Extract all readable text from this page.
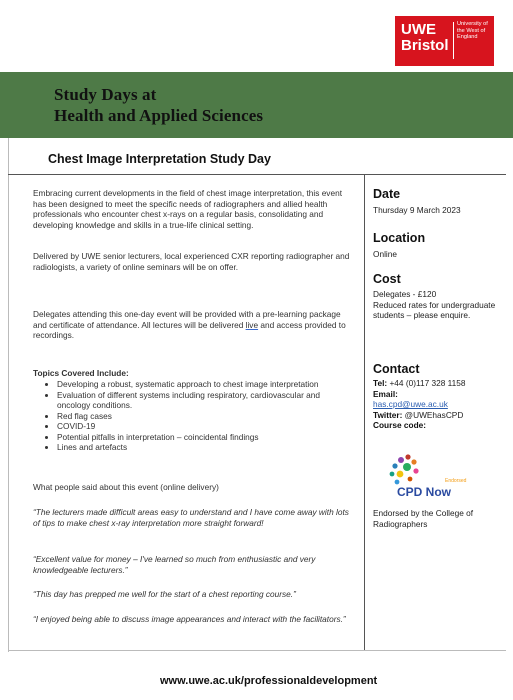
Study Days at
Health and Applied Sciences
UWE
Bristol
University of the West of England
Chest Image Interpretation Study Day
Embracing current developments in the field of chest image interpretation, this event has been designed to meet the specific needs of radiographers and allied health professionals who encounter chest x-rays on a regular basis, consolidating and developing knowledge and skills in a true-life clinical setting.
Delivered by UWE senior lecturers, local experienced CXR reporting radiographer and radiologists, a variety of online seminars will be on offer.
Delegates attending this one-day event will be provided with a pre-learning package and certificate of attendance. All lectures will be delivered live and access provided to recordings.
Topics Covered Include:
• Developing a robust, systematic approach to chest image interpretation
• Evaluation of different systems including respiratory, cardiovascular and oncology conditions.
• Red flag cases
• COVID-19
• Potential pitfalls in interpretation – coincidental findings
• Lines and artefacts
What people said about this event (online delivery)
“The lecturers made difficult areas easy to understand and I have come away with lots of tips to make chest x-ray interpretation more straight forward!
“Excellent value for money – I've learned so much from enthusiastic and very knowledgeable lecturers.”
“This day has prepped me well for the start of a chest reporting course.”
“I enjoyed being able to discuss image appearances and interact with the facilitators.”
Date
Thursday 9 March 2023
Location
Online
Cost
Delegates - £120
Reduced rates for undergraduate students – please enquire.
Contact
Tel: +44 (0)117 328 1158
Email:
has.cpd@uwe.ac.uk
Twitter: @UWEhasCPD
Course code:
Endorsed
CPD Now
Endorsed by the College of Radiographers
www.uwe.ac.uk/professionaldevelopment
